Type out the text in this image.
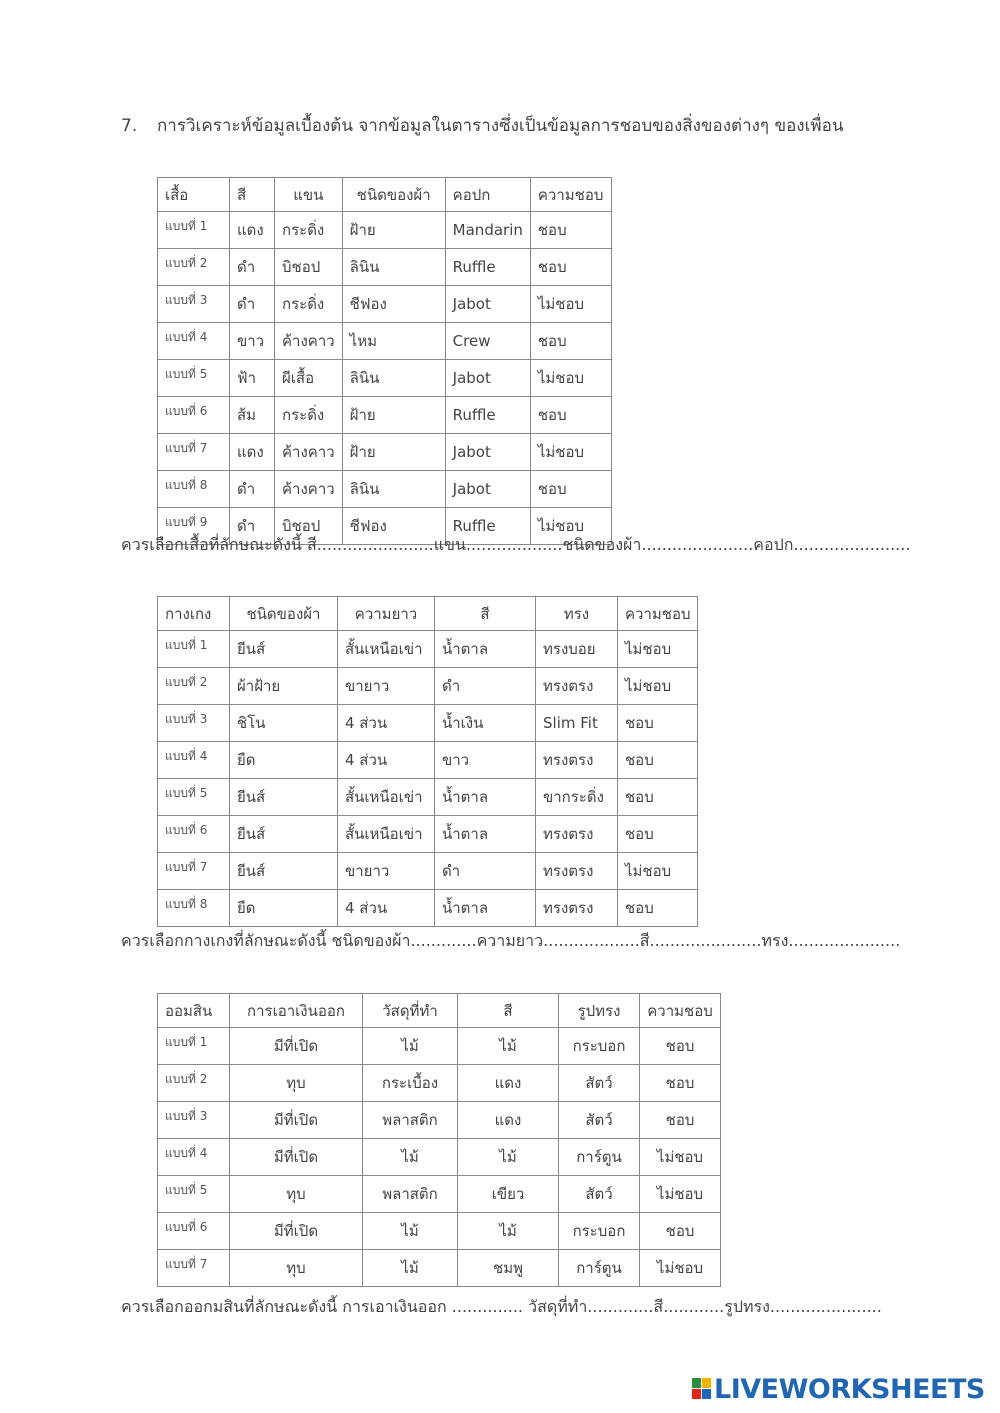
7. การวิเคราะห์ข้อมูลเบื้องต้น จากข้อมูลในตารางซึ่งเป็นข้อมูลการชอบของสิ่งของต่างๆ ของเพื่อน
เสื้อ	สี	แขน	ชนิดของผ้า	คอปก	ความชอบ
แบบที่ 1	แดง	กระดิ่ง	ฝ้าย	Mandarin	ชอบ
แบบที่ 2	ดำ	บิชอป	ลินิน	Ruffle	ชอบ
แบบที่ 3	ดำ	กระดิ่ง	ชีฟอง	Jabot	ไม่ชอบ
แบบที่ 4	ขาว	ค้างคาว	ไหม	Crew	ชอบ
แบบที่ 5	ฟ้า	ผีเสื้อ	ลินิน	Jabot	ไม่ชอบ
แบบที่ 6	ส้ม	กระดิ่ง	ฝ้าย	Ruffle	ชอบ
แบบที่ 7	แดง	ค้างคาว	ฝ้าย	Jabot	ไม่ชอบ
แบบที่ 8	ดำ	ค้างคาว	ลินิน	Jabot	ชอบ
แบบที่ 9	ดำ	บิชอป	ชีฟอง	Ruffle	ไม่ชอบ
ควรเลือกเสื้อที่ลักษณะดังนี้ สี.......................แขน...................ชนิดของผ้า......................คอปก.......................
กางเกง	ชนิดของผ้า	ความยาว	สี	ทรง	ความชอบ
แบบที่ 1	ยีนส์	สั้นเหนือเข่า	น้ำตาล	ทรงบอย	ไม่ชอบ
แบบที่ 2	ผ้าฝ้าย	ขายาว	ดำ	ทรงตรง	ไม่ชอบ
แบบที่ 3	ชิโน	4 ส่วน	น้ำเงิน	Slim Fit	ชอบ
แบบที่ 4	ยืด	4 ส่วน	ขาว	ทรงตรง	ชอบ
แบบที่ 5	ยีนส์	สั้นเหนือเข่า	น้ำตาล	ขากระดิ่ง	ชอบ
แบบที่ 6	ยีนส์	สั้นเหนือเข่า	น้ำตาล	ทรงตรง	ชอบ
แบบที่ 7	ยีนส์	ขายาว	ดำ	ทรงตรง	ไม่ชอบ
แบบที่ 8	ยืด	4 ส่วน	น้ำตาล	ทรงตรง	ชอบ
ควรเลือกกางเกงที่ลักษณะดังนี้ ชนิดของผ้า.............ความยาว...................สี......................ทรง......................
ออมสิน	การเอาเงินออก	วัสดุที่ทำ	สี	รูปทรง	ความชอบ
แบบที่ 1	มีที่เปิด	ไม้	ไม้	กระบอก	ชอบ
แบบที่ 2	ทุบ	กระเบื้อง	แดง	สัตว์	ชอบ
แบบที่ 3	มีที่เปิด	พลาสติก	แดง	สัตว์	ชอบ
แบบที่ 4	มีที่เปิด	ไม้	ไม้	การ์ตูน	ไม่ชอบ
แบบที่ 5	ทุบ	พลาสติก	เขียว	สัตว์	ไม่ชอบ
แบบที่ 6	มีที่เปิด	ไม้	ไม้	กระบอก	ชอบ
แบบที่ 7	ทุบ	ไม้	ชมพู	การ์ตูน	ไม่ชอบ
ควรเลือกออกมสินที่ลักษณะดังนี้ การเอาเงินออก .............. วัสดุที่ทำ.............สี............รูปทรง......................
LIVEWORKSHEETS
